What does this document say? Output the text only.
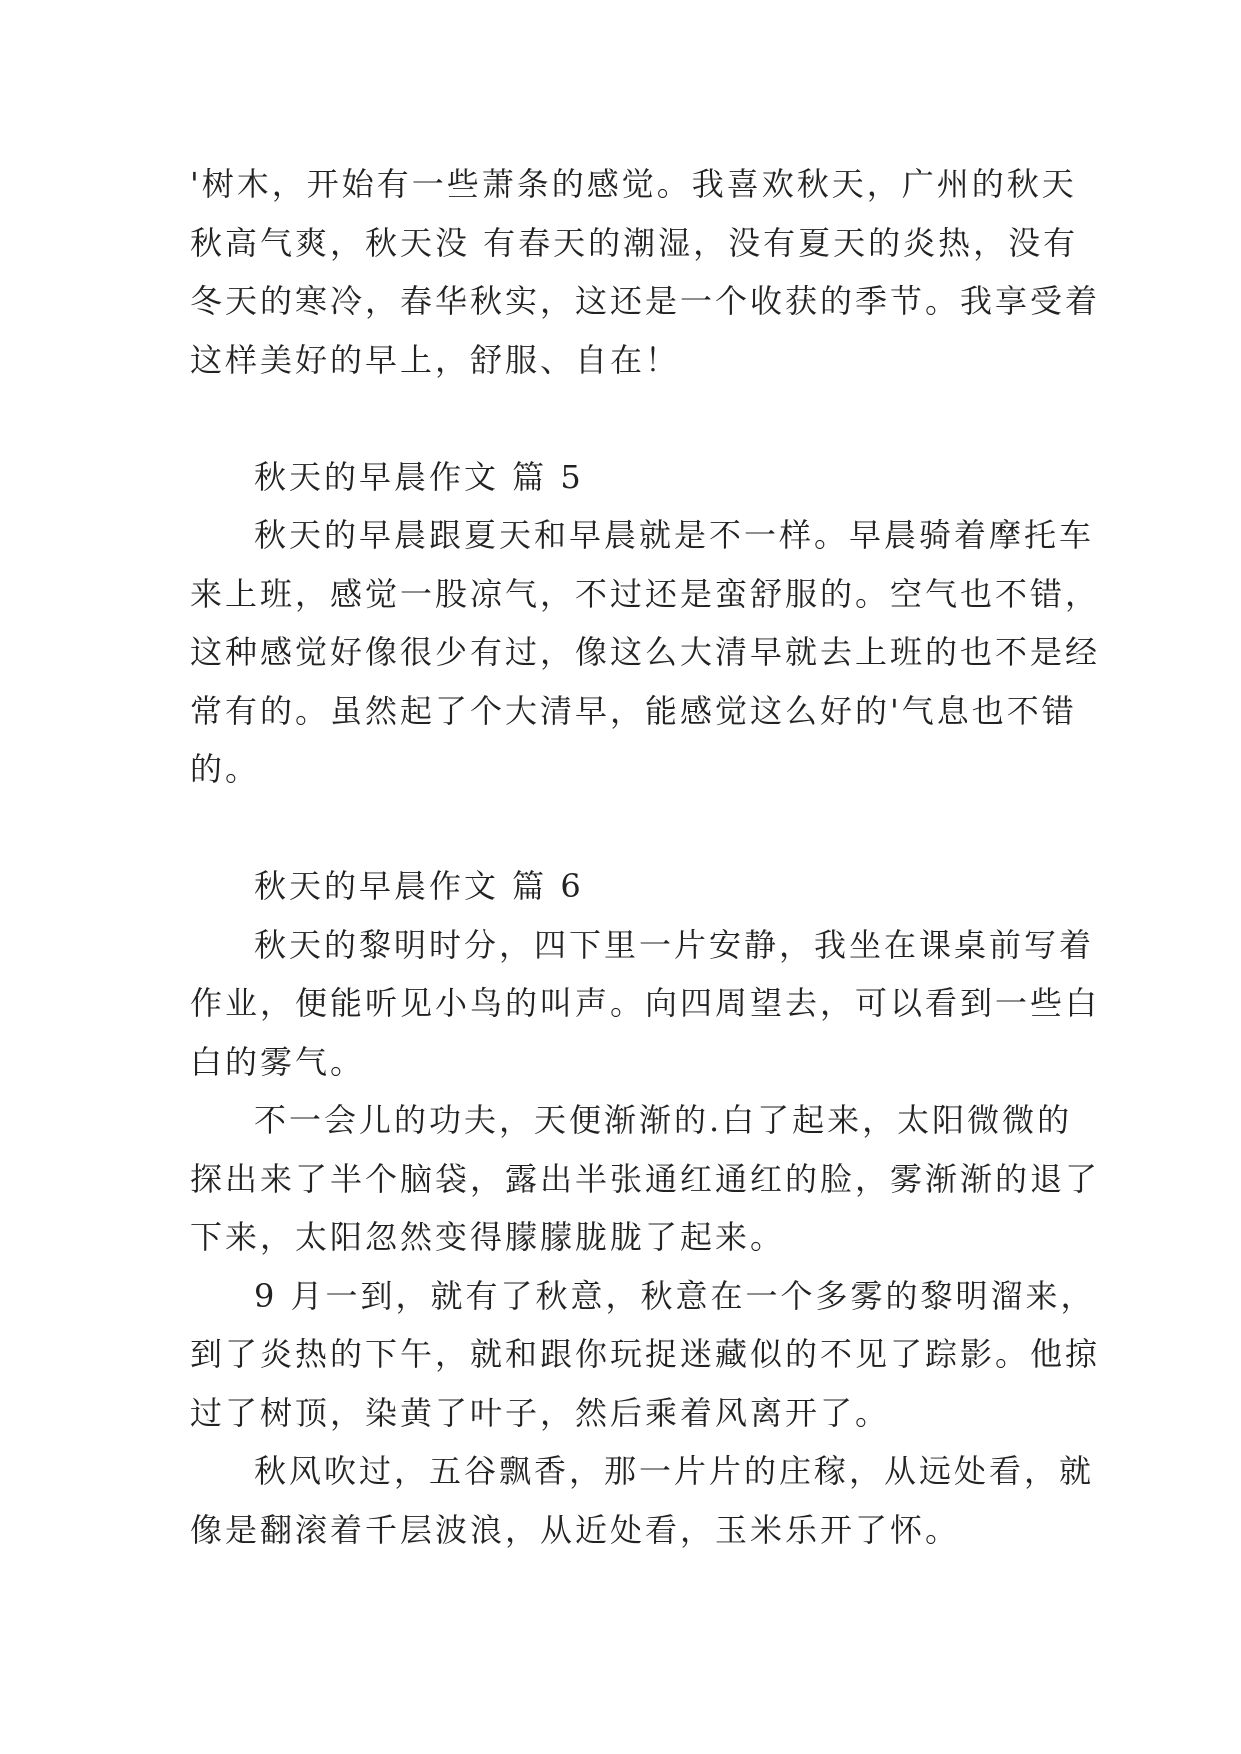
'树木，开始有一些萧条的感觉。我喜欢秋天，广州的秋天
秋高气爽，秋天没 有春天的潮湿，没有夏天的炎热，没有
冬天的寒冷，春华秋实，这还是一个收获的季节。我享受着
这样美好的早上，舒服、自在！
秋天的早晨作文 篇 5
秋天的早晨跟夏天和早晨就是不一样。早晨骑着摩托车
来上班，感觉一股凉气，不过还是蛮舒服的。空气也不错，
这种感觉好像很少有过，像这么大清早就去上班的也不是经
常有的。虽然起了个大清早，能感觉这么好的'气息也不错
的。
秋天的早晨作文 篇 6
秋天的黎明时分，四下里一片安静，我坐在课桌前写着
作业，便能听见小鸟的叫声。向四周望去，可以看到一些白
白的雾气。
不一会儿的功夫，天便渐渐的.白了起来，太阳微微的
探出来了半个脑袋，露出半张通红通红的脸，雾渐渐的退了
下来，太阳忽然变得朦朦胧胧了起来。
9 月一到，就有了秋意，秋意在一个多雾的黎明溜来，
到了炎热的下午，就和跟你玩捉迷藏似的不见了踪影。他掠
过了树顶，染黄了叶子，然后乘着风离开了。
秋风吹过，五谷飘香，那一片片的庄稼，从远处看，就
像是翻滚着千层波浪，从近处看，玉米乐开了怀。
